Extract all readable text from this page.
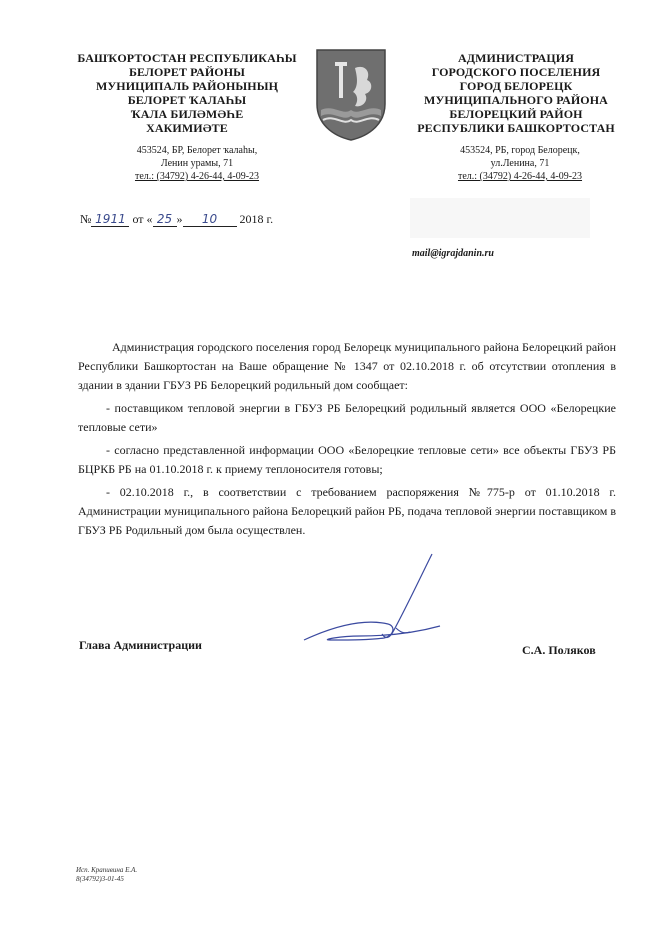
БАШҠОРТОСТАН РЕСПУБЛИКАҺЫ
БЕЛОРЕТ РАЙОНЫ
МУНИЦИПАЛЬ РАЙОНЫНЫҢ
БЕЛОРЕТ ҠАЛАҺЫ
ҠАЛА БИЛӘМӘҺЕ
ХАКИМИӘТЕ
АДМИНИСТРАЦИЯ
ГОРОДСКОГО ПОСЕЛЕНИЯ
ГОРОД БЕЛОРЕЦК
МУНИЦИПАЛЬНОГО РАЙОНА
БЕЛОРЕЦКИЙ РАЙОН
РЕСПУБЛИКИ БАШКОРТОСТАН
453524, БР, Белорет ҡалаһы,
Ленин урамы, 71
тел.: (34792) 4-26-44, 4-09-23
453524, РБ, город Белорецк,
ул.Ленина, 71
тел.: (34792) 4-26-44, 4-09-23
№ 1911 от « 25 » 10 2018 г.
mail@igrajdanin.ru

Администрация городского поселения город Белорецк муниципального района Белорецкий район Республики Башкортостан на Ваше обращение № 1347 от 02.10.2018 г. об отсутствии отопления в здании в здании ГБУЗ РБ Белорецкий родильный дом сообщает:

- поставщиком тепловой энергии в ГБУЗ РБ Белорецкий родильный является ООО «Белорецкие тепловые сети»

- согласно представленной информации ООО «Белорецкие тепловые сети» все объекты ГБУЗ РБ БЦРКБ РБ на 01.10.2018 г. к приему теплоносителя готовы;

- 02.10.2018 г., в соответствии с требованием распоряжения №775-р от 01.10.2018 г. Администрации муниципального района Белорецкий район РБ, подача тепловой энергии поставщиком в ГБУЗ РБ Родильный дом была осуществлен.

Глава Администрации	С.А. Поляков
Исп. Крапивина Е.А.
8(34792)3-01-45
